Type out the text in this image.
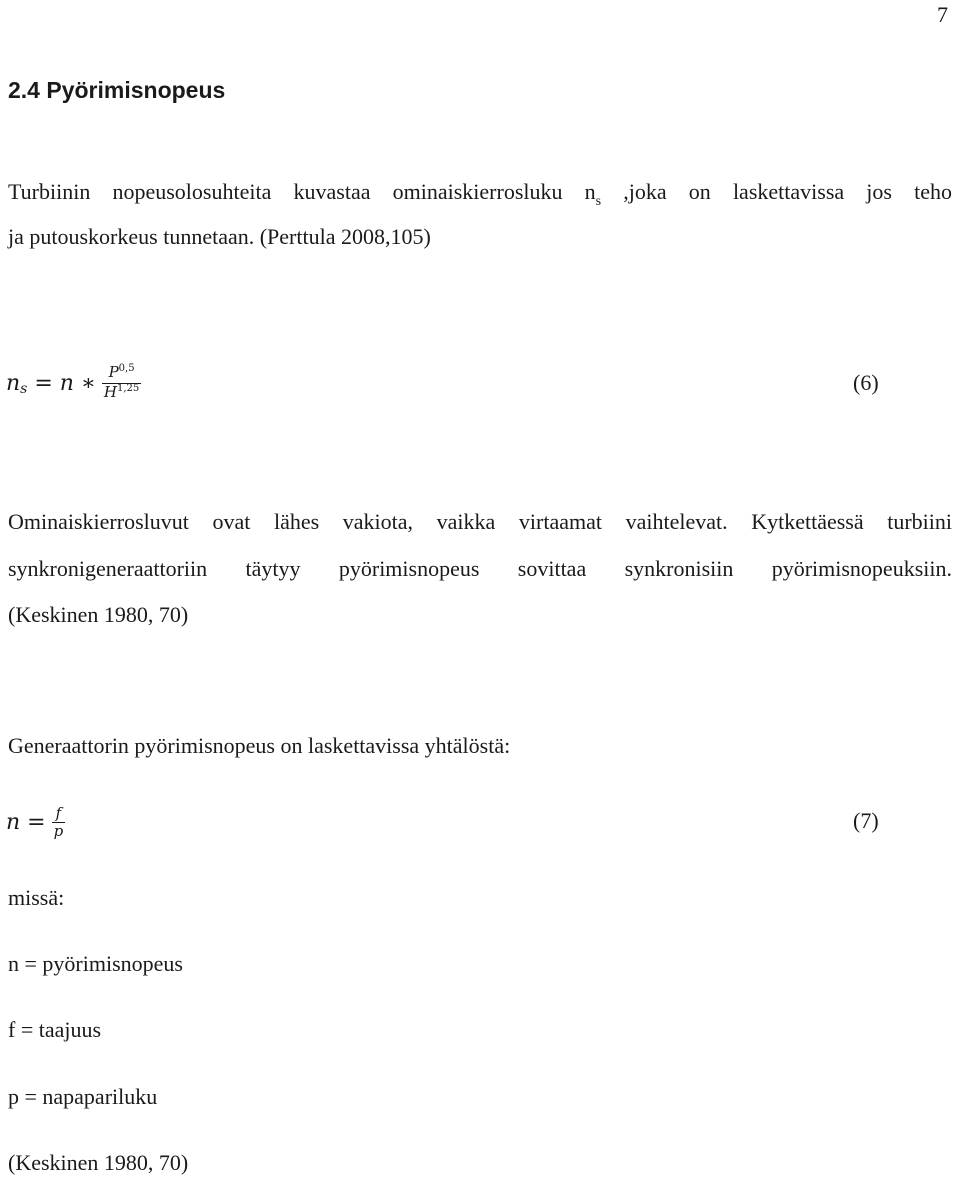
7
2.4 Pyörimisnopeus
Turbiinin nopeusolosuhteita kuvastaa ominaiskierrosluku $n_s$ ,joka on laskettavissa jos teho
ja putouskorkeus tunnetaan. (Perttula 2008,105)
n s = n ∗ $\frac{P^{0,5}}{H^{1,25}}$	(6)
Ominaiskierrosluvut ovat lähes vakiota, vaikka virtaamat vaihtelevat. Kytkettäessä turbiini
synkronigeneraattoriin täytyy pyörimisnopeus sovittaa synkronisiin pyörimisnopeuksiin.
(Keskinen 1980, 70)
Generaattorin pyörimisnopeus on laskettavissa yhtälöstä:
$n = \frac{f}{p}$	(7)
missä:
n = pyörimisnopeus
f = taajuus
p = napapariluku
(Keskinen 1980, 70)
